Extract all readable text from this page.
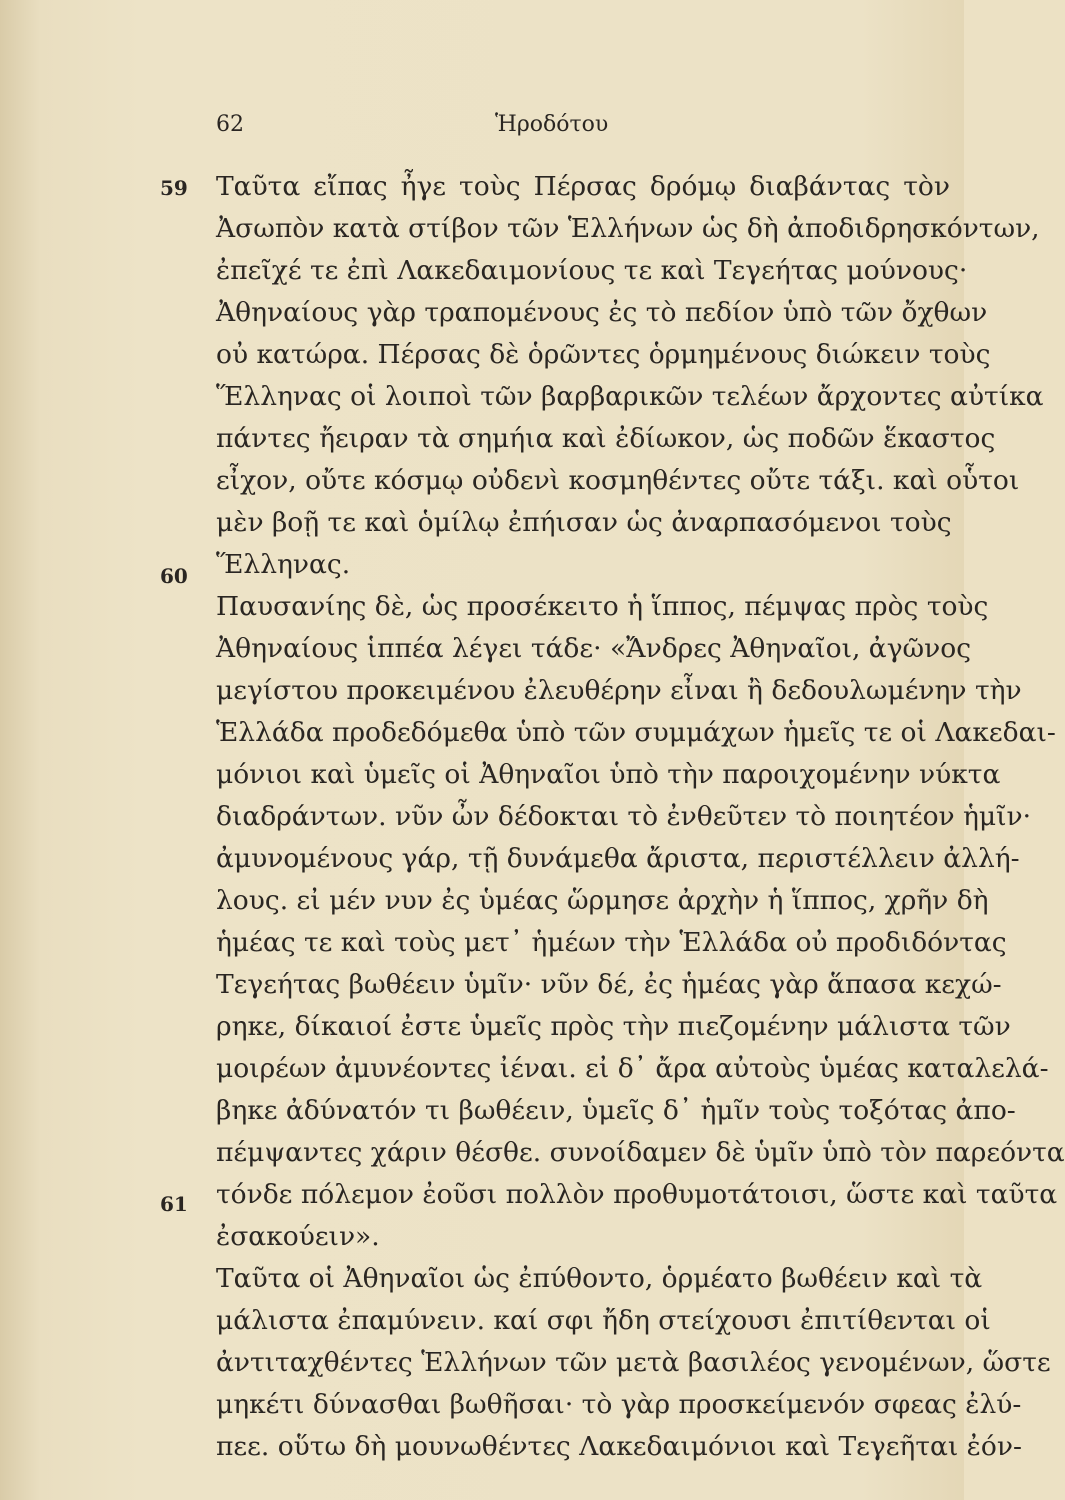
62	Ἡροδότου
59
60
61
Ταῦτα εἴπας ἦγε τοὺς Πέρσας δρόμῳ διαβάντας τὸν
Ἀσωπὸν κατὰ στίβον τῶν Ἑλλήνων ὡς δὴ ἀποδιδρησκόντων,
ἐπεῖχέ τε ἐπὶ Λακεδαιμονίους τε καὶ Τεγεήτας μούνους·
Ἀθηναίους γὰρ τραπομένους ἐς τὸ πεδίον ὑπὸ τῶν ὄχθων
οὐ κατώρα. Πέρσας δὲ ὁρῶντες ὁρμημένους διώκειν τοὺς
Ἕλληνας οἱ λοιποὶ τῶν βαρβαρικῶν τελέων ἄρχοντες αὐτίκα
πάντες ἤειραν τὰ σημήια καὶ ἐδίωκον, ὡς ποδῶν ἕκαστος
εἶχον, οὔτε κόσμῳ οὐδενὶ κοσμηθέντες οὔτε τάξι. καὶ οὗτοι
μὲν βοῇ τε καὶ ὁμίλῳ ἐπήισαν ὡς ἀναρπασόμενοι τοὺς
Ἕλληνας.
Παυσανίης δὲ, ὡς προσέκειτο ἡ ἵππος, πέμψας πρὸς τοὺς
Ἀθηναίους ἱππέα λέγει τάδε· «Ἄνδρες Ἀθηναῖοι, ἀγῶνος
μεγίστου προκειμένου ἐλευθέρην εἶναι ἢ δεδουλωμένην τὴν
Ἑλλάδα προδεδόμεθα ὑπὸ τῶν συμμάχων ἡμεῖς τε οἱ Λακεδαι-
μόνιοι καὶ ὑμεῖς οἱ Ἀθηναῖοι ὑπὸ τὴν παροιχομένην νύκτα
διαδράντων. νῦν ὦν δέδοκται τὸ ἐνθεῦτεν τὸ ποιητέον ἡμῖν·
ἀμυνομένους γάρ, τῇ δυνάμεθα ἄριστα, περιστέλλειν ἀλλή-
λους. εἰ μέν νυν ἐς ὑμέας ὥρμησε ἀρχὴν ἡ ἵππος, χρῆν δὴ
ἡμέας τε καὶ τοὺς μετ᾽ ἡμέων τὴν Ἑλλάδα οὐ προδιδόντας
Τεγεήτας βωθέειν ὑμῖν· νῦν δέ, ἐς ἡμέας γὰρ ἅπασα κεχώ-
ρηκε, δίκαιοί ἐστε ὑμεῖς πρὸς τὴν πιεζομένην μάλιστα τῶν
μοιρέων ἀμυνέοντες ἰέναι. εἰ δ᾽ ἄρα αὐτοὺς ὑμέας καταλελά-
βηκε ἀδύνατόν τι βωθέειν, ὑμεῖς δ᾽ ἡμῖν τοὺς τοξότας ἀπο-
πέμψαντες χάριν θέσθε. συνοίδαμεν δὲ ὑμῖν ὑπὸ τὸν παρεόντα
τόνδε πόλεμον ἐοῦσι πολλὸν προθυμοτάτοισι, ὥστε καὶ ταῦτα
ἐσακούειν».
Ταῦτα οἱ Ἀθηναῖοι ὡς ἐπύθοντο, ὁρμέατο βωθέειν καὶ τὰ
μάλιστα ἐπαμύνειν. καί σφι ἤδη στείχουσι ἐπιτίθενται οἱ
ἀντιταχθέντες Ἑλλήνων τῶν μετὰ βασιλέος γενομένων, ὥστε
μηκέτι δύνασθαι βωθῆσαι· τὸ γὰρ προσκείμενόν σφεας ἐλύ-
πεε. οὕτω δὴ μουνωθέντες Λακεδαιμόνιοι καὶ Τεγεῆται ἐόν-
